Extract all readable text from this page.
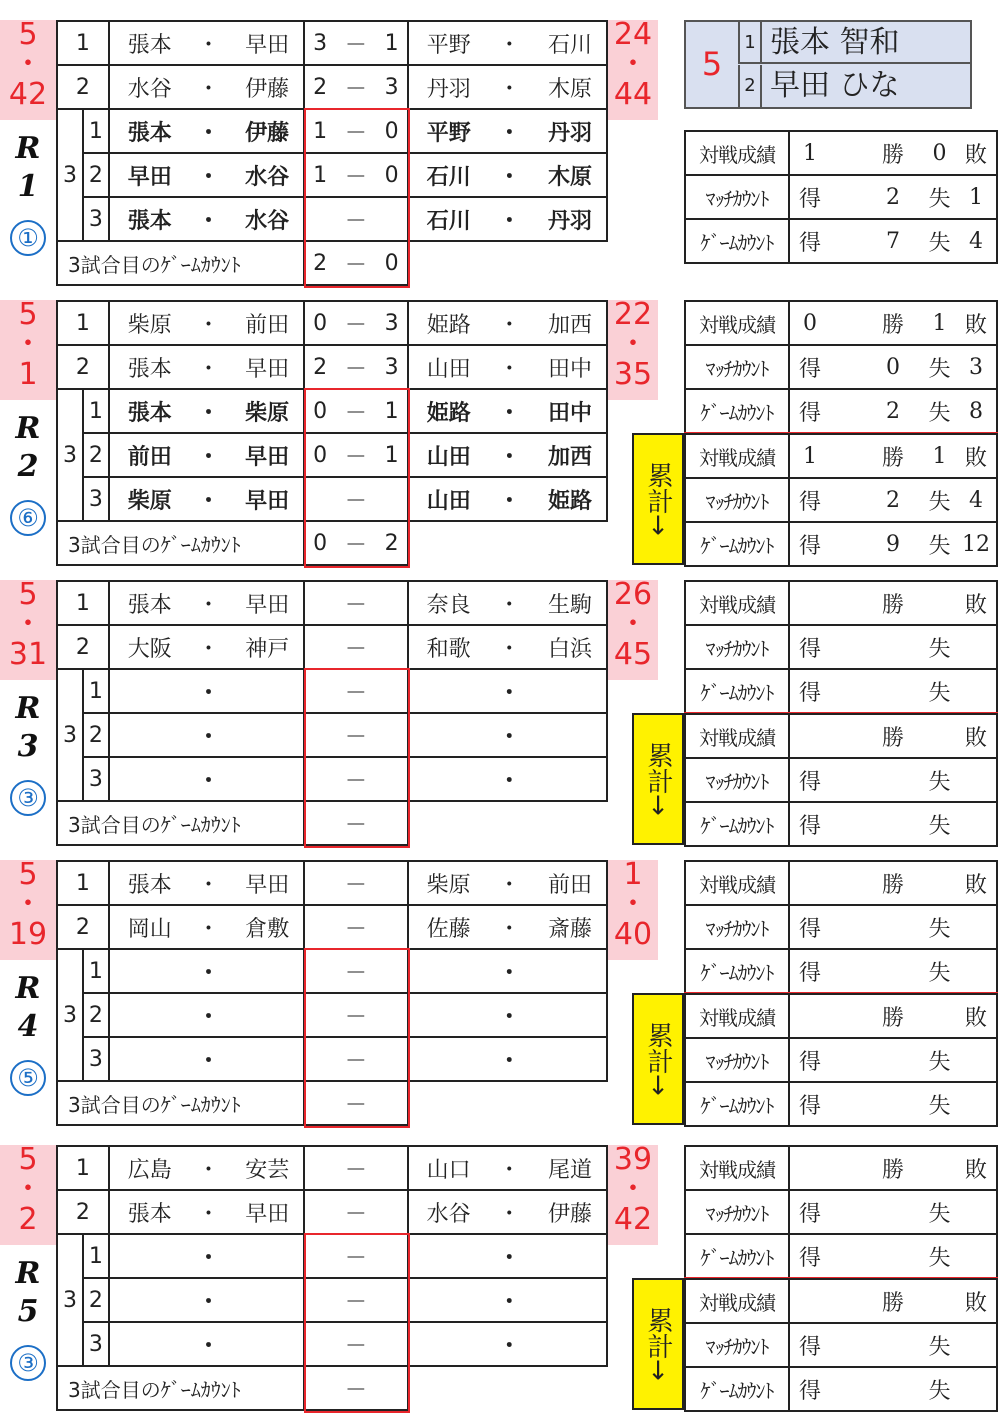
5
1 張本 智和
2 早田 ひな
5
・
42
R
1
①
1		張本 ・ 早田	3 － 1	平野 ・ 石川

2		水谷 ・ 伊藤	2 － 3	丹羽 ・ 木原

3	1	張本 ・ 伊藤	1 － 0	平野 ・ 丹羽

	2	早田 ・ 水谷	1 － 0	石川 ・ 木原

	3	張本 ・ 水谷	－	石川 ・ 丹羽

3試合目のｹﾞｰﾑｶｳﾝﾄ			2 － 0	

24
・
44
対戦成績	1 勝 0 敗

ﾏｯﾁｶｳﾝﾄ	得 2 失 1

ｹﾞｰﾑｶｳﾝﾄ	得 7 失 4
5
・
1
R
2
⑥
1		柴原 ・ 前田	0 － 3	姫路 ・ 加西

2		張本 ・ 早田	2 － 3	山田 ・ 田中

3	1	張本 ・ 柴原	0 － 1	姫路 ・ 田中

	2	前田 ・ 早田	0 － 1	山田 ・ 加西

	3	柴原 ・ 早田	－	山田 ・ 姫路

3試合目のｹﾞｰﾑｶｳﾝﾄ			0 － 2	

22
・
35
対戦成績	0 勝 1 敗

ﾏｯﾁｶｳﾝﾄ	得 0 失 3

ｹﾞｰﾑｶｳﾝﾄ	得 2 失 8
対戦成績	1 勝 1 敗

ﾏｯﾁｶｳﾝﾄ	得 2 失 4

ｹﾞｰﾑｶｳﾝﾄ	得 9 失 12
累計→
5
・
31
R
3
③
1		張本 ・ 早田	－	奈良 ・ 生駒

2		大阪 ・ 神戸	－	和歌 ・ 白浜

3	1	・	－	・

	2	・	－	・

	3	・	－	・

3試合目のｹﾞｰﾑｶｳﾝﾄ			－	

26
・
45
対戦成績	勝 敗

ﾏｯﾁｶｳﾝﾄ	得 失

ｹﾞｰﾑｶｳﾝﾄ	得 失
対戦成績	勝 敗

ﾏｯﾁｶｳﾝﾄ	得 失

ｹﾞｰﾑｶｳﾝﾄ	得 失
累計→
5
・
19
R
4
⑤
1		張本 ・ 早田	－	柴原 ・ 前田

2		岡山 ・ 倉敷	－	佐藤 ・ 斎藤

3	1	・	－	・

	2	・	－	・

	3	・	－	・

3試合目のｹﾞｰﾑｶｳﾝﾄ			－	

1
・
40
対戦成績	勝 敗

ﾏｯﾁｶｳﾝﾄ	得 失

ｹﾞｰﾑｶｳﾝﾄ	得 失
対戦成績	勝 敗

ﾏｯﾁｶｳﾝﾄ	得 失

ｹﾞｰﾑｶｳﾝﾄ	得 失
累計→
5
・
2
R
5
③
1		広島 ・ 安芸	－	山口 ・ 尾道

2		張本 ・ 早田	－	水谷 ・ 伊藤

3	1	・	－	・

	2	・	－	・

	3	・	－	・

3試合目のｹﾞｰﾑｶｳﾝﾄ			－	

39
・
42
対戦成績	勝 敗

ﾏｯﾁｶｳﾝﾄ	得 失

ｹﾞｰﾑｶｳﾝﾄ	得 失
対戦成績	勝 敗

ﾏｯﾁｶｳﾝﾄ	得 失

ｹﾞｰﾑｶｳﾝﾄ	得 失
累計→
